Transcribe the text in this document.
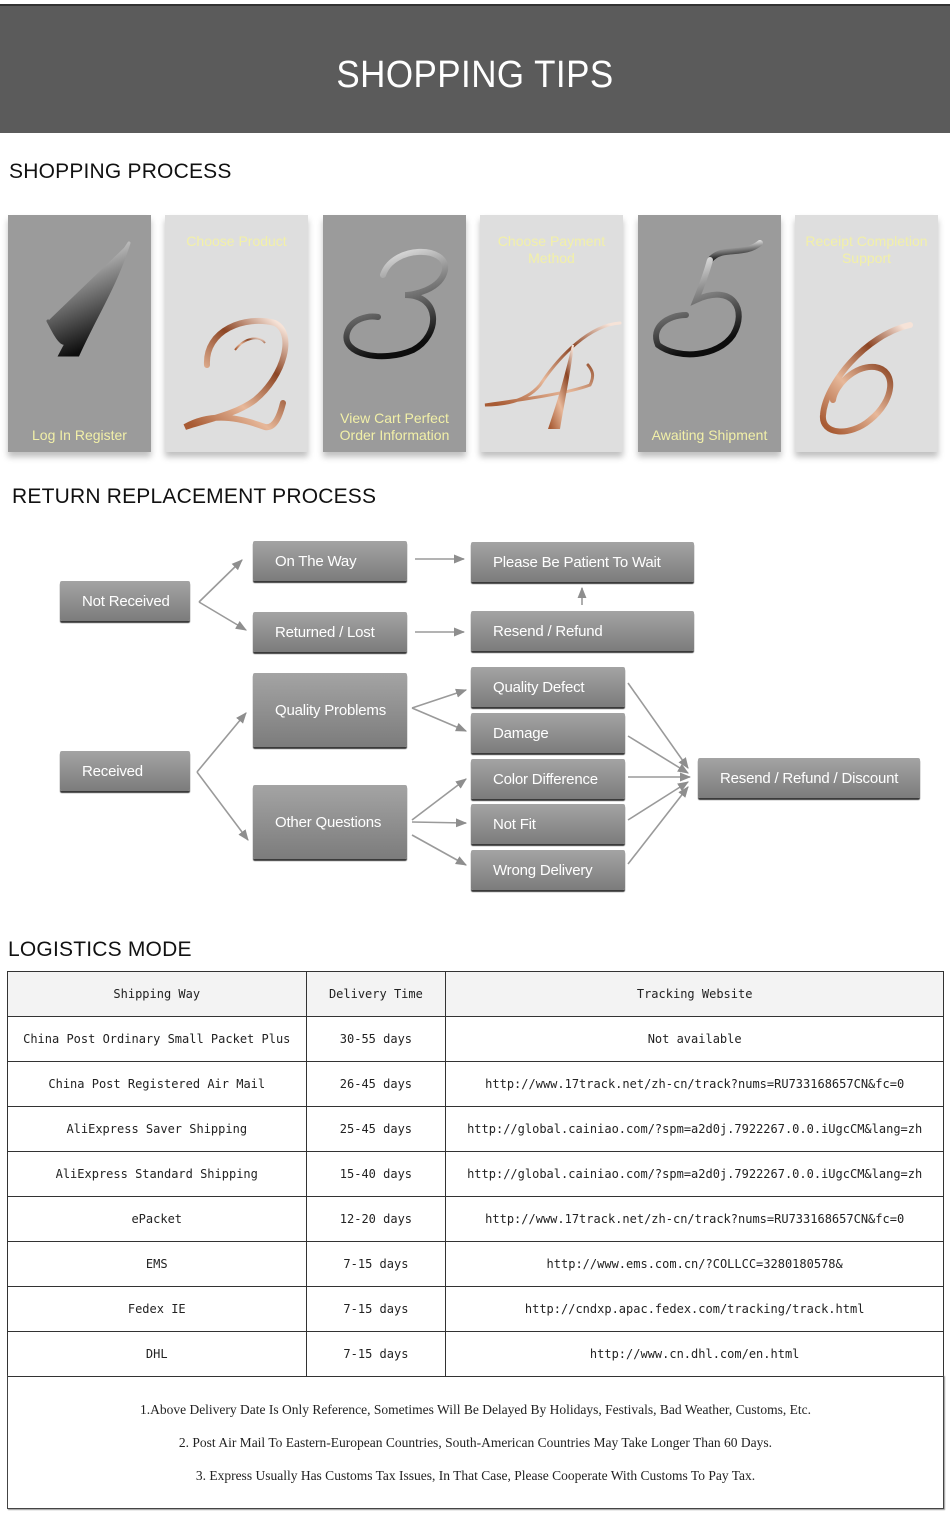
SHOPPING TIPS
SHOPPING PROCESS
Log In Register
Choose Product
View Cart Perfect Order Information
Choose Payment Method
Awaiting Shipment
Receipt Completion Support
RETURN REPLACEMENT PROCESS
Not Received
On The Way
Returned / Lost
Please Be Patient To Wait
Resend / Refund
Received
Quality Problems
Other Questions
Quality Defect
Damage
Color Difference
Not Fit
Wrong Delivery
Resend / Refund / Discount
LOGISTICS MODE
Shipping Way	Delivery Time	Tracking Website
China Post Ordinary Small Packet Plus	30-55 days	Not available
China Post Registered Air Mail	26-45 days	http://www.17track.net/zh-cn/track?nums=RU733168657CN&fc=0
AliExpress Saver Shipping	25-45 days	http://global.cainiao.com/?spm=a2d0j.7922267.0.0.iUgcCM&lang=zh
AliExpress Standard Shipping	15-40 days	http://global.cainiao.com/?spm=a2d0j.7922267.0.0.iUgcCM&lang=zh
ePacket	12-20 days	http://www.17track.net/zh-cn/track?nums=RU733168657CN&fc=0
EMS	7-15 days	http://www.ems.com.cn/?COLLCC=3280180578&
Fedex IE	7-15 days	http://cndxp.apac.fedex.com/tracking/track.html
DHL	7-15 days	http://www.cn.dhl.com/en.html

1.Above Delivery Date Is Only Reference, Sometimes Will Be Delayed By Holidays, Festivals, Bad Weather, Customs, Etc.

2. Post Air Mail To Eastern-European Countries, South-American Countries May Take Longer Than 60 Days.

3. Express Usually Has Customs Tax Issues, In That Case, Please Cooperate With Customs To Pay Tax.
